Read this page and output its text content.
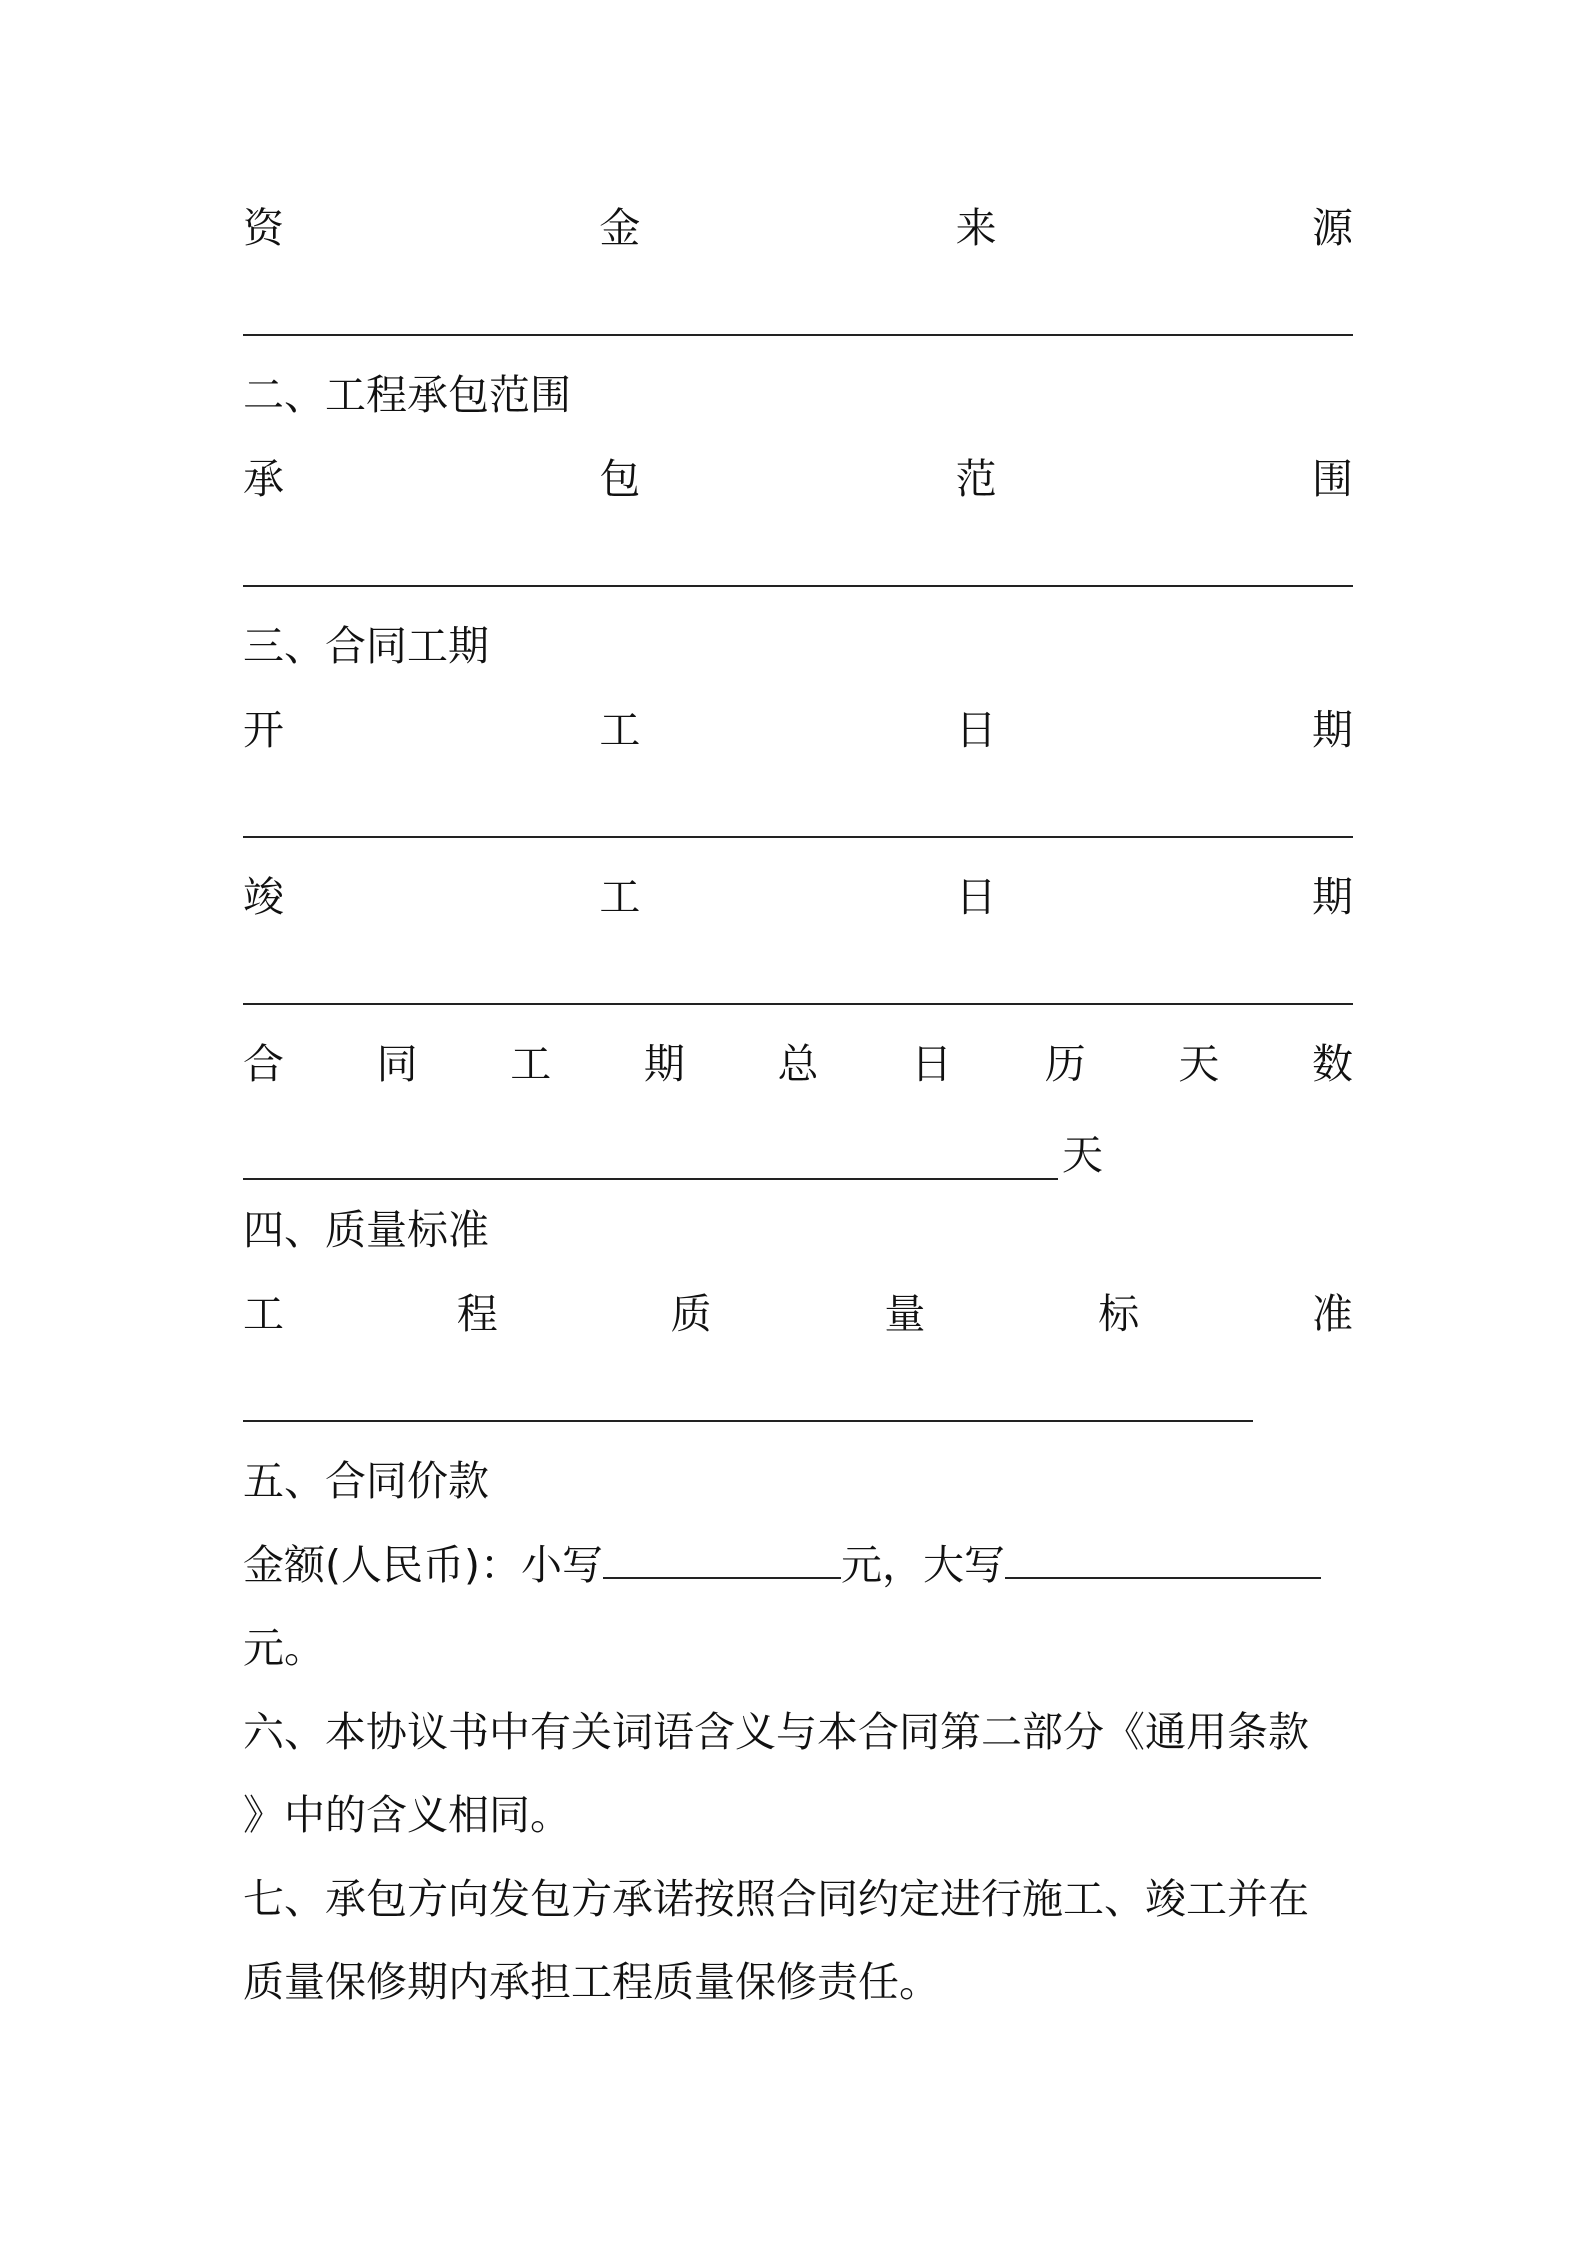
资	金	来	源
二、工程承包范围
承	包	范	围
三、合同工期
开	工	日	期
竣	工	日	期
合 同 工 期 总 日 历 天 数
天
四、质量标准
工	程	质	量	标	准
五、合同价款
金额(人民币)：小写	元，大写
元。
六、本协议书中有关词语含义与本合同第二部分《通用条款
》中的含义相同。
七、承包方向发包方承诺按照合同约定进行施工、竣工并在
质量保修期内承担工程质量保修责任。
